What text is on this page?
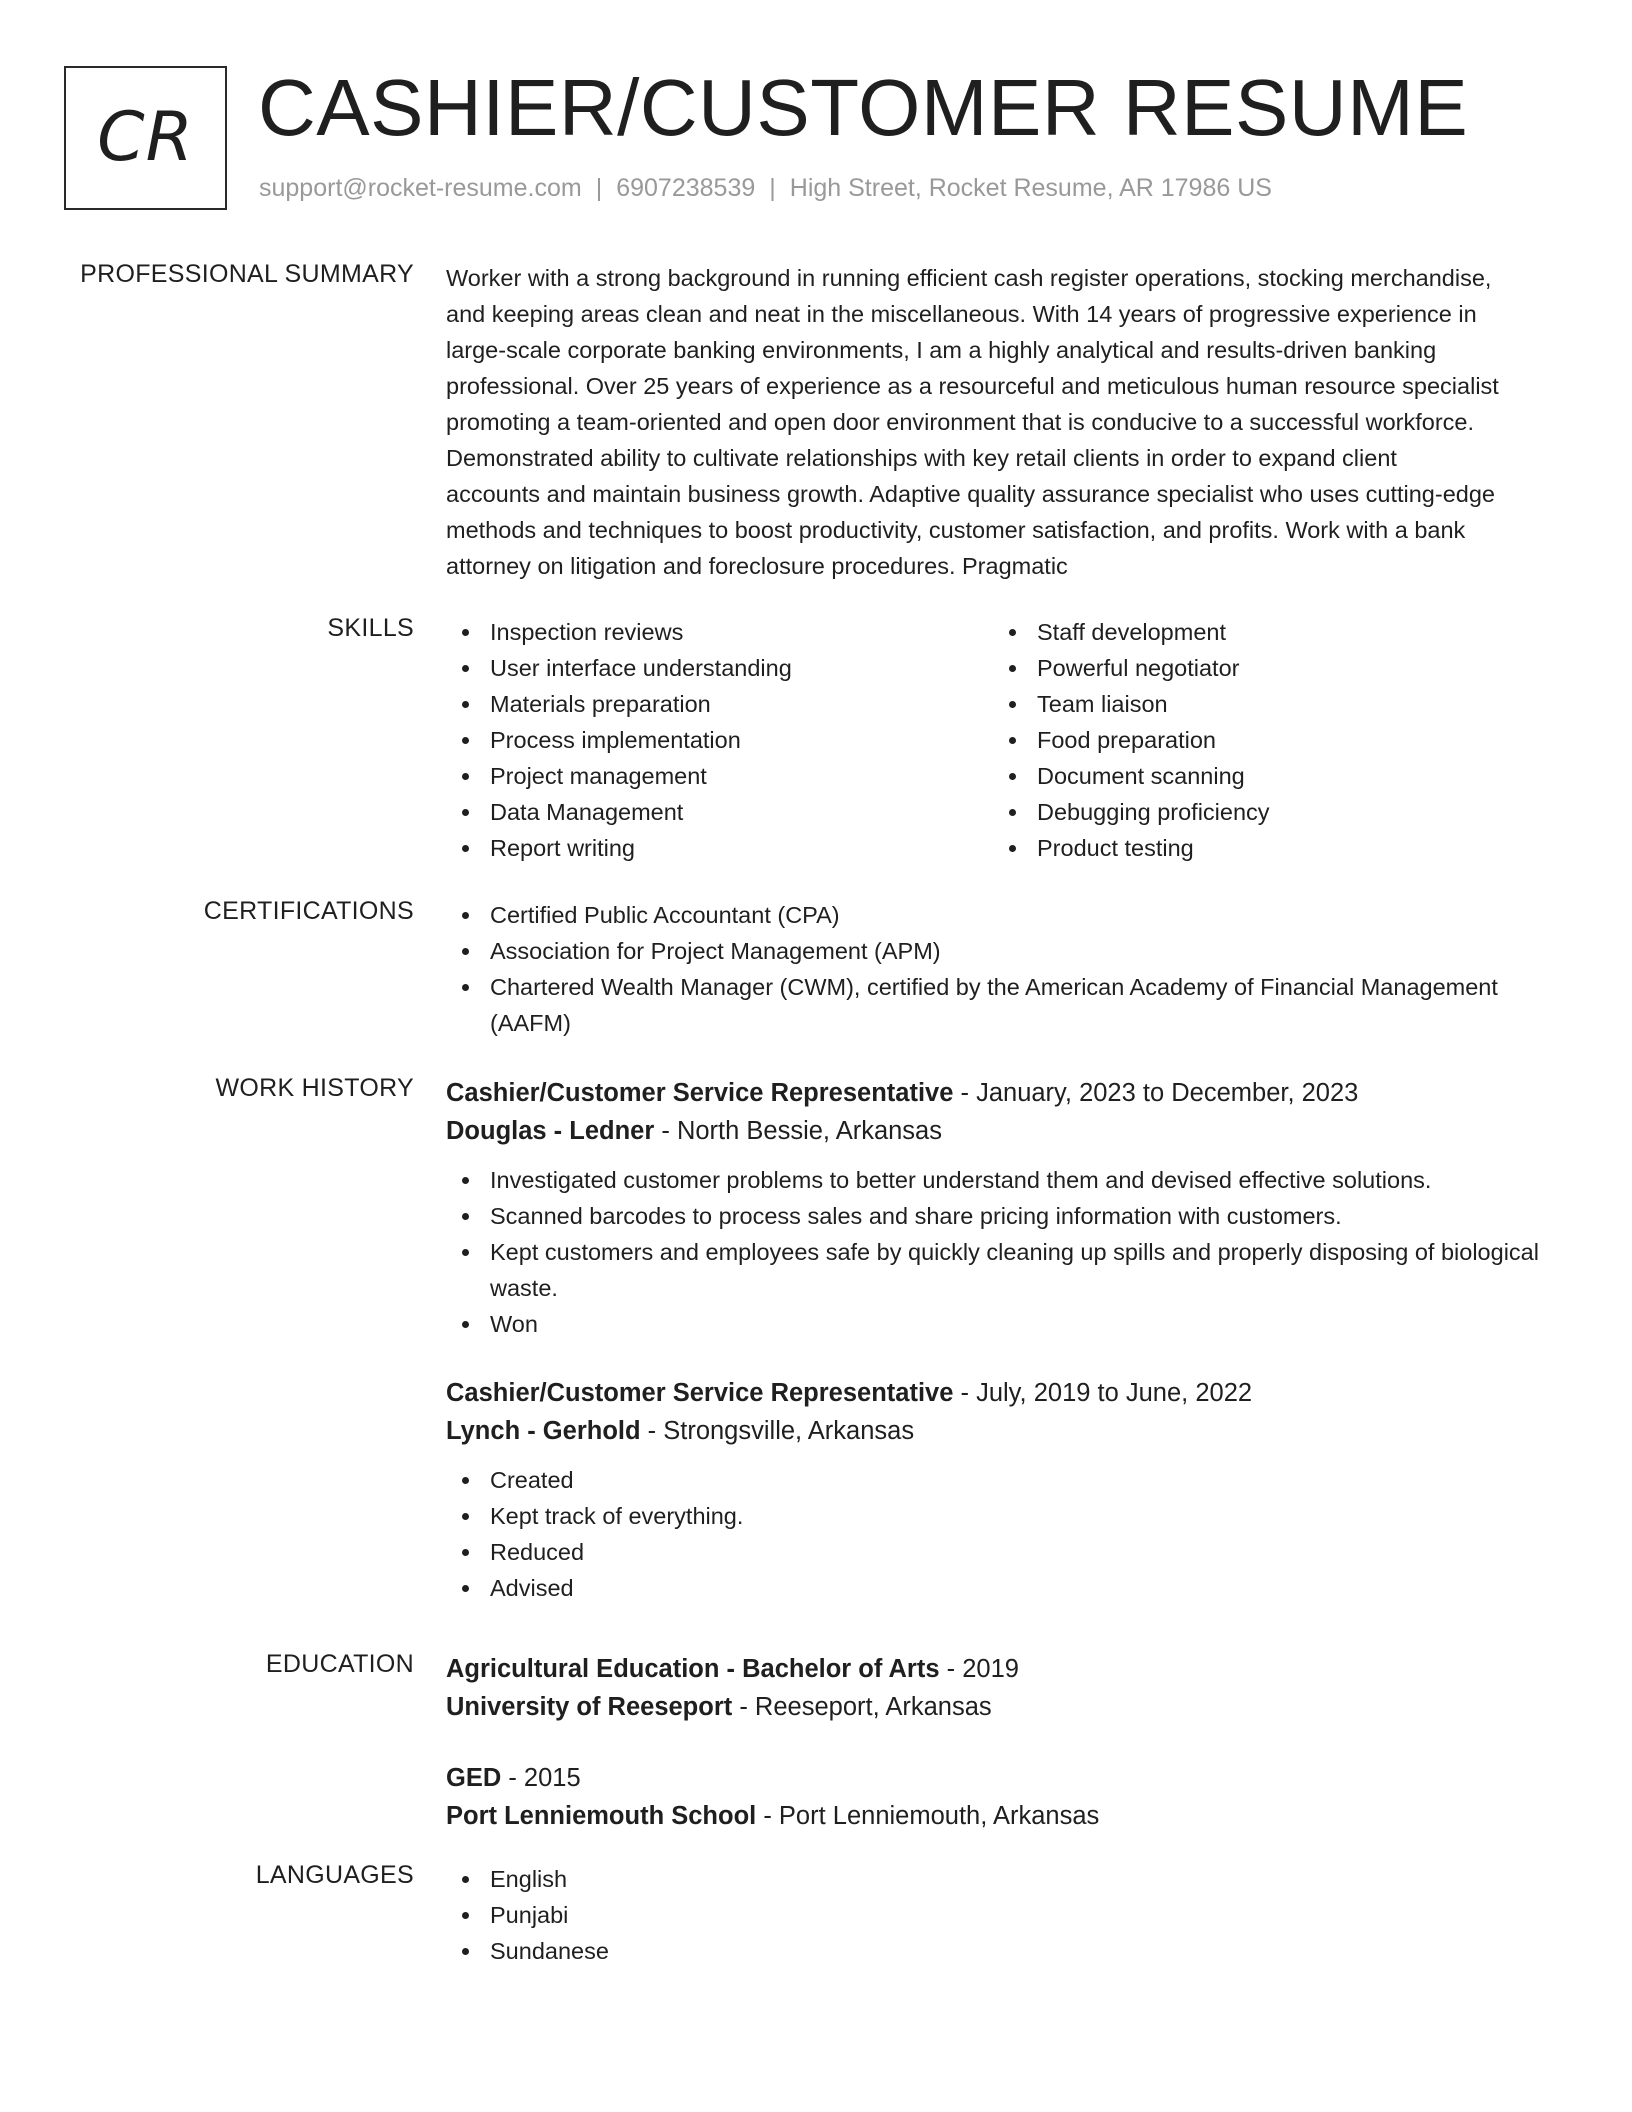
CR CASHIER/CUSTOMER RESUME
support@rocket-resume.com | 6907238539 | High Street, Rocket Resume, AR 17986 US
PROFESSIONAL SUMMARY Worker with a strong background in running efficient cash register operations, stocking merchandise,
and keeping areas clean and neat in the miscellaneous. With 14 years of progressive experience in
large-scale corporate banking environments, I am a highly analytical and results-driven banking
professional. Over 25 years of experience as a resourceful and meticulous human resource specialist
promoting a team-oriented and open door environment that is conducive to a successful workforce.
Demonstrated ability to cultivate relationships with key retail clients in order to expand client
accounts and maintain business growth. Adaptive quality assurance specialist who uses cutting-edge
methods and techniques to boost productivity, customer satisfaction, and profits. Work with a bank
attorney on litigation and foreclosure procedures. Pragmatic
SKILLS	Inspection reviews
User interface understanding
Materials preparation
Process implementation
Project management
Data Management
Report writing
Staff development
Powerful negotiator
Team liaison
Food preparation
Document scanning
Debugging proficiency
Product testing
CERTIFICATIONS	Certified Public Accountant (CPA)
Association for Project Management (APM)
Chartered Wealth Manager (CWM), certified by the American Academy of Financial Management (AAFM)
WORK HISTORY Cashier/Customer Service Representative - January, 2023 to December, 2023
Douglas - Ledner - North Bessie, Arkansas
Investigated customer problems to better understand them and devised effective solutions.
Scanned barcodes to process sales and share pricing information with customers.
Kept customers and employees safe by quickly cleaning up spills and properly disposing of biological waste.
Won
Cashier/Customer Service Representative - July, 2019 to June, 2022
Lynch - Gerhold - Strongsville, Arkansas
Created
Kept track of everything.
Reduced
Advised
EDUCATION Agricultural Education - Bachelor of Arts - 2019
University of Reeseport - Reeseport, Arkansas
GED - 2015
Port Lenniemouth School - Port Lenniemouth, Arkansas
LANGUAGES	English
Punjabi
Sundanese
